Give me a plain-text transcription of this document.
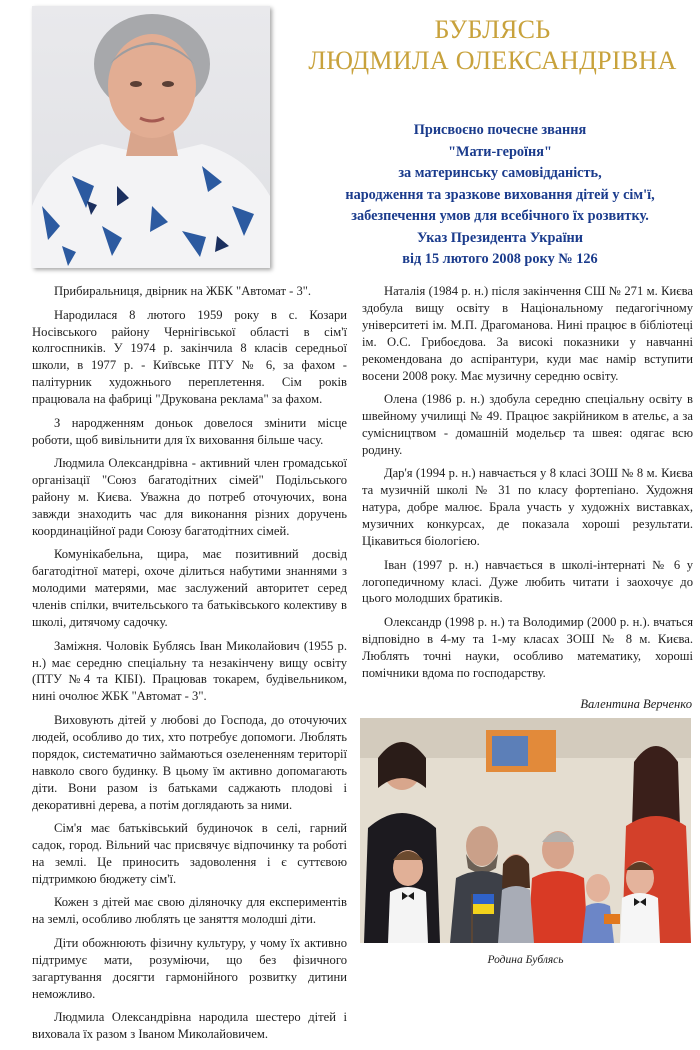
БУБЛЯСЬ
ЛЮДМИЛА ОЛЕКСАНДРІВНА
Присвоєно почесне звання
"Мати-героїня"
за материнську самовідданість,
народження та зразкове виховання дітей у сім'ї,
забезпечення умов для всебічного їх розвитку.
Указ Президента України
від 15 лютого 2008 року № 126

Прибиральниця, двірник на ЖБК "Автомат - 3".

Народилася 8 лютого 1959 року в с. Козари Носівського району Чернігівської області в сім'ї колгоспників. У 1974 р. закінчила 8 класів середньої школи, в 1977 р. - Київське ПТУ № 6, за фахом - палітурник художнього переплетення. Сім років працювала на фабриці "Друкована реклама" за фахом.

З народженням доньок довелося змінити місце роботи, щоб вивільнити для їх виховання більше часу.

Людмила Олександрівна - активний член громадської організації "Союз багатодітних сімей" Подільського району м. Києва. Уважна до потреб оточуючих, вона завжди знаходить час для виконання різних доручень координаційної ради Союзу багатодітних сімей.

Комунікабельна, щира, має позитивний досвід багатодітної матері, охоче ділиться набутими знаннями з молодими матерями, має заслужений авторитет серед членів спілки, вчительського та батьківського колективу в школі, дитячому садочку.

Заміжня. Чоловік Бублясь Іван Миколайович (1955 р. н.) має середню спеціальну та незакінчену вищу освіту (ПТУ №4 та КІБІ). Працював токарем, будівельником, нині очолює ЖБК "Автомат - 3".

Виховують дітей у любові до Господа, до оточуючих людей, особливо до тих, хто потребує допомоги. Люблять порядок, систематично займаються озелененням території навколо свого будинку. В цьому їм активно допомагають діти. Вони разом із батьками саджають плодові і декоративні дерева, а потім доглядають за ними.

Сім'я має батьківський будиночок в селі, гарний садок, город. Вільний час присвячує відпочинку та роботі на землі. Це приносить задоволення і є суттєвою підтримкою бюджету сім'ї.

Кожен з дітей має свою діляночку для експериментів на землі, особливо люблять це заняття молодші діти.

Діти обожнюють фізичну культуру, у чому їх активно підтримує мати, розуміючи, що без фізичного загартування досягти гармонійного розвитку дитини неможливо.

Людмила Олександрівна народила шестеро дітей і виховала їх разом з Іваном Миколайовичем.

Наталія (1984 р. н.) після закінчення СШ № 271 м. Києва здобула вищу освіту в Національному педагогічному університеті ім. М.П. Драгоманова. Нині працює в бібліотеці ім. О.С. Грибоєдова. За високі показники у навчанні рекомендована до аспірантури, куди має намір вступити восени 2008 року. Має музичну середню освіту.

Олена (1986 р. н.) здобула середню спеціальну освіту в швейному училищі № 49. Працює закрійником в ательє, а за сумісництвом - домашній модельєр та швея: одягає всю родину.

Дар'я (1994 р. н.) навчається у 8 класі ЗОШ № 8 м. Києва та музичній школі № 31 по класу фортепіано. Художня натура, добре малює. Брала участь у художніх виставках, музичних конкурсах, де показала хороші результати. Цікавиться біологією.

Іван (1997 р. н.) навчається в школі-інтернаті № 6 у логопедичному класі. Дуже любить читати і заохочує до цього молодших братиків.

Олександр (1998 р. н.) та Володимир (2000 р. н.). вчаться відповідно в 4-му та 1-му класах ЗОШ № 8 м. Києва. Люблять точні науки, особливо математику, хороші помічники вдома по господарству.

Валентина Верченко
Родина Бублясь
